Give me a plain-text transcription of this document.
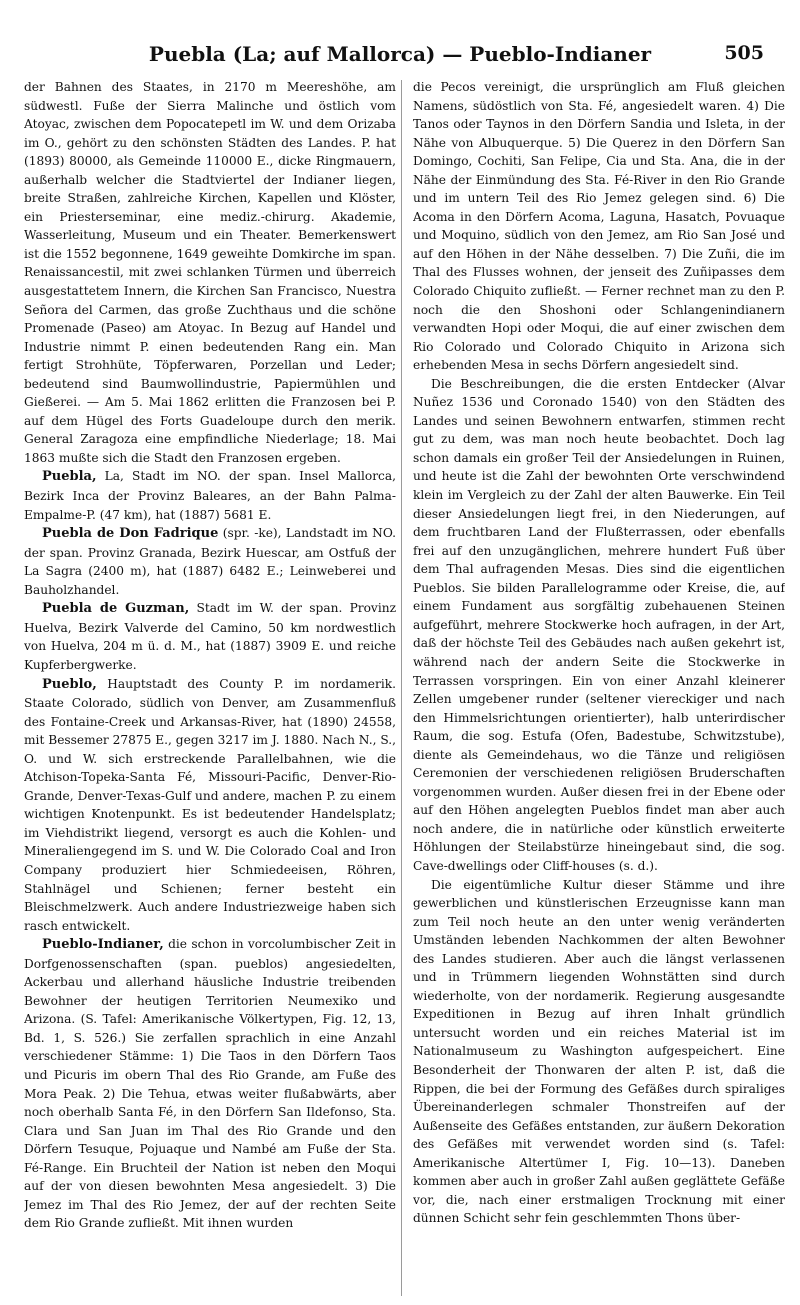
Puebla (La; auf Mallorca) — Pueblo-Indianer	505

der Bahnen des Staates, in 2170 m Meereshöhe, am südwestl. Fuße der Sierra Malinche und östlich vom Atoyac, zwischen dem Popocatepetl im W. und dem Orizaba im O., gehört zu den schönsten Städten des Landes. P. hat (1893) 80000, als Gemeinde 110000 E., dicke Ringmauern, außerhalb welcher die Stadtviertel der Indianer liegen, breite Straßen, zahlreiche Kirchen, Kapellen und Klöster, ein Priesterseminar, eine mediz.-chirurg. Akademie, Wasserleitung, Museum und ein Theater. Bemerkenswert ist die 1552 begonnene, 1649 geweihte Domkirche im span. Renaissancestil, mit zwei schlanken Türmen und überreich ausgestattetem Innern, die Kirchen San Francisco, Nuestra Señora del Carmen, das große Zuchthaus und die schöne Promenade (Paseo) am Atoyac. In Bezug auf Handel und Industrie nimmt P. einen bedeutenden Rang ein. Man fertigt Strohhüte, Töpferwaren, Porzellan und Leder; bedeutend sind Baumwollindustrie, Papiermühlen und Gießerei. — Am 5. Mai 1862 erlitten die Franzosen bei P. auf dem Hügel des Forts Guadeloupe durch den merik. General Zaragoza eine empfindliche Niederlage; 18. Mai 1863 mußte sich die Stadt den Franzosen ergeben.

Puebla, La, Stadt im NO. der span. Insel Mallorca, Bezirk Inca der Provinz Baleares, an der Bahn Palma-Empalme-P. (47 km), hat (1887) 5681 E.

Puebla de Don Fadrique (spr. -ke), Landstadt im NO. der span. Provinz Granada, Bezirk Huescar, am Ostfuß der La Sagra (2400 m), hat (1887) 6482 E.; Leinweberei und Bauholzhandel.

Puebla de Guzman, Stadt im W. der span. Provinz Huelva, Bezirk Valverde del Camino, 50 km nordwestlich von Huelva, 204 m ü. d. M., hat (1887) 3909 E. und reiche Kupferbergwerke.

Pueblo, Hauptstadt des County P. im nordamerik. Staate Colorado, südlich von Denver, am Zusammenfluß des Fontaine-Creek und Arkansas-River, hat (1890) 24558, mit Bessemer 27875 E., gegen 3217 im J. 1880. Nach N., S., O. und W. sich erstreckende Parallelbahnen, wie die Atchison-Topeka-Santa Fé, Missouri-Pacific, Denver-Rio-Grande, Denver-Texas-Gulf und andere, machen P. zu einem wichtigen Knotenpunkt. Es ist bedeutender Handelsplatz; im Viehdistrikt liegend, versorgt es auch die Kohlen- und Mineraliengegend im S. und W. Die Colorado Coal and Iron Company produziert hier Schmiedeeisen, Röhren, Stahlnägel und Schienen; ferner besteht ein Bleischmelzwerk. Auch andere Industriezweige haben sich rasch entwickelt.

Pueblo-Indianer, die schon in vorcolumbischer Zeit in Dorfgenossenschaften (span. pueblos) angesiedelten, Ackerbau und allerhand häusliche Industrie treibenden Bewohner der heutigen Territorien Neumexiko und Arizona. (S. Tafel: Amerikanische Völkertypen, Fig. 12, 13, Bd. 1, S. 526.) Sie zerfallen sprachlich in eine Anzahl verschiedener Stämme: 1) Die Taos in den Dörfern Taos und Picuris im obern Thal des Rio Grande, am Fuße des Mora Peak. 2) Die Tehua, etwas weiter flußabwärts, aber noch oberhalb Santa Fé, in den Dörfern San Ildefonso, Sta. Clara und San Juan im Thal des Rio Grande und den Dörfern Tesuque, Pojuaque und Nambé am Fuße der Sta. Fé-Range. Ein Bruchteil der Nation ist neben den Moqui auf der von diesen bewohnten Mesa angesiedelt. 3) Die Jemez im Thal des Rio Jemez, der auf der rechten Seite dem Rio Grande zufließt. Mit ihnen wurden

die Pecos vereinigt, die ursprünglich am Fluß gleichen Namens, südöstlich von Sta. Fé, angesiedelt waren. 4) Die Tanos oder Taynos in den Dörfern Sandia und Isleta, in der Nähe von Albuquerque. 5) Die Querez in den Dörfern San Domingo, Cochiti, San Felipe, Cia und Sta. Ana, die in der Nähe der Einmündung des Sta. Fé-River in den Rio Grande und im untern Teil des Rio Jemez gelegen sind. 6) Die Acoma in den Dörfern Acoma, Laguna, Hasatch, Povuaque und Moquino, südlich von den Jemez, am Rio San José und auf den Höhen in der Nähe desselben. 7) Die Zuñi, die im Thal des Flusses wohnen, der jenseit des Zuñipasses dem Colorado Chiquito zufließt. — Ferner rechnet man zu den P. noch die den Shoshoni oder Schlangenindianern verwandten Hopi oder Moqui, die auf einer zwischen dem Rio Colorado und Colorado Chiquito in Arizona sich erhebenden Mesa in sechs Dörfern angesiedelt sind.

Die Beschreibungen, die die ersten Entdecker (Alvar Nuñez 1536 und Coronado 1540) von den Städten des Landes und seinen Bewohnern entwarfen, stimmen recht gut zu dem, was man noch heute beobachtet. Doch lag schon damals ein großer Teil der Ansiedelungen in Ruinen, und heute ist die Zahl der bewohnten Orte verschwindend klein im Vergleich zu der Zahl der alten Bauwerke. Ein Teil dieser Ansiedelungen liegt frei, in den Niederungen, auf dem fruchtbaren Land der Flußterrassen, oder ebenfalls frei auf den unzugänglichen, mehrere hundert Fuß über dem Thal aufragenden Mesas. Dies sind die eigentlichen Pueblos. Sie bilden Parallelogramme oder Kreise, die, auf einem Fundament aus sorgfältig zubehauenen Steinen aufgeführt, mehrere Stockwerke hoch aufragen, in der Art, daß der höchste Teil des Gebäudes nach außen gekehrt ist, während nach der andern Seite die Stockwerke in Terrassen vorspringen. Ein von einer Anzahl kleinerer Zellen umgebener runder (seltener viereckiger und nach den Himmelsrichtungen orientierter), halb unterirdischer Raum, die sog. Estufa (Ofen, Badestube, Schwitzstube), diente als Gemeindehaus, wo die Tänze und religiösen Ceremonien der verschiedenen religiösen Bruderschaften vorgenommen wurden. Außer diesen frei in der Ebene oder auf den Höhen angelegten Pueblos findet man aber auch noch andere, die in natürliche oder künstlich erweiterte Höhlungen der Steilabstürze hineingebaut sind, die sog. Cave-dwellings oder Cliff-houses (s. d.).

Die eigentümliche Kultur dieser Stämme und ihre gewerblichen und künstlerischen Erzeugnisse kann man zum Teil noch heute an den unter wenig veränderten Umständen lebenden Nachkommen der alten Bewohner des Landes studieren. Aber auch die längst verlassenen und in Trümmern liegenden Wohnstätten sind durch wiederholte, von der nordamerik. Regierung ausgesandte Expeditionen in Bezug auf ihren Inhalt gründlich untersucht worden und ein reiches Material ist im Nationalmuseum zu Washington aufgespeichert. Eine Besonderheit der Thonwaren der alten P. ist, daß die Rippen, die bei der Formung des Gefäßes durch spiraliges Übereinanderlegen schmaler Thonstreifen auf der Außenseite des Gefäßes entstanden, zur äußern Dekoration des Gefäßes mit verwendet worden sind (s. Tafel: Amerikanische Altertümer I, Fig. 10—13). Daneben kommen aber auch in großer Zahl außen geglättete Gefäße vor, die, nach einer erstmaligen Trocknung mit einer dünnen Schicht sehr fein geschlemmten Thons über-
